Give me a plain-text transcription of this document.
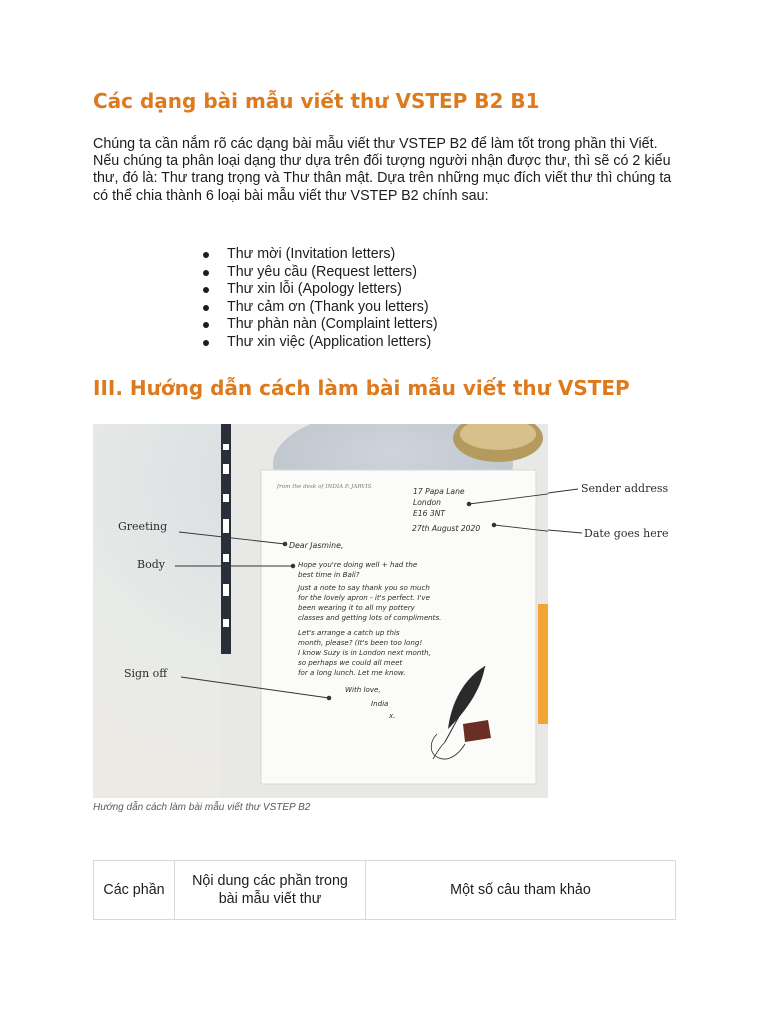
Các dạng bài mẫu viết thư VSTEP B2 B1

Chúng ta cần nắm rõ các dạng bài mẫu viết thư VSTEP B2 để làm tốt trong phần thi Viết. Nếu chúng ta phân loại dạng thư dựa trên đối tượng người nhận được thư, thì sẽ có 2 kiểu thư, đó là: Thư trang trọng và Thư thân mật. Dựa trên những mục đích viết thư thì chúng ta có thể chia thành 6 loại bài mẫu viết thư VSTEP B2 chính sau:

Thư mời (Invitation letters)
Thư yêu cầu (Request letters)
Thư xin lỗi (Apology letters)
Thư cảm ơn (Thank you letters)
Thư phàn nàn (Complaint letters)
Thư xin việc (Application letters)
III. Hướng dẫn cách làm bài mẫu viết thư VSTEP
from the desk of INDIA P. JARVIS	17 Papa Lane
London
E16 3NT
27th August 2020
Dear Jasmine,
Hope you're doing well + had the
best time in Bali?
Just a note to say thank you so much
for the lovely apron - it's perfect. I've
been wearing it to all my pottery
classes and getting lots of compliments.
Let's arrange a catch up this
month, please? (It's been too long!
I know Suzy is in London next month,
so perhaps we could all meet
for a long lunch. Let me know.
With love,
India
x.
Greeting
Body
Sign off
Sender address
Date goes here
Hướng dẫn cách làm bài mẫu viết thư VSTEP B2
Các phần	Nội dung các phần trong bài mẫu viết thư	Một số câu tham khảo
